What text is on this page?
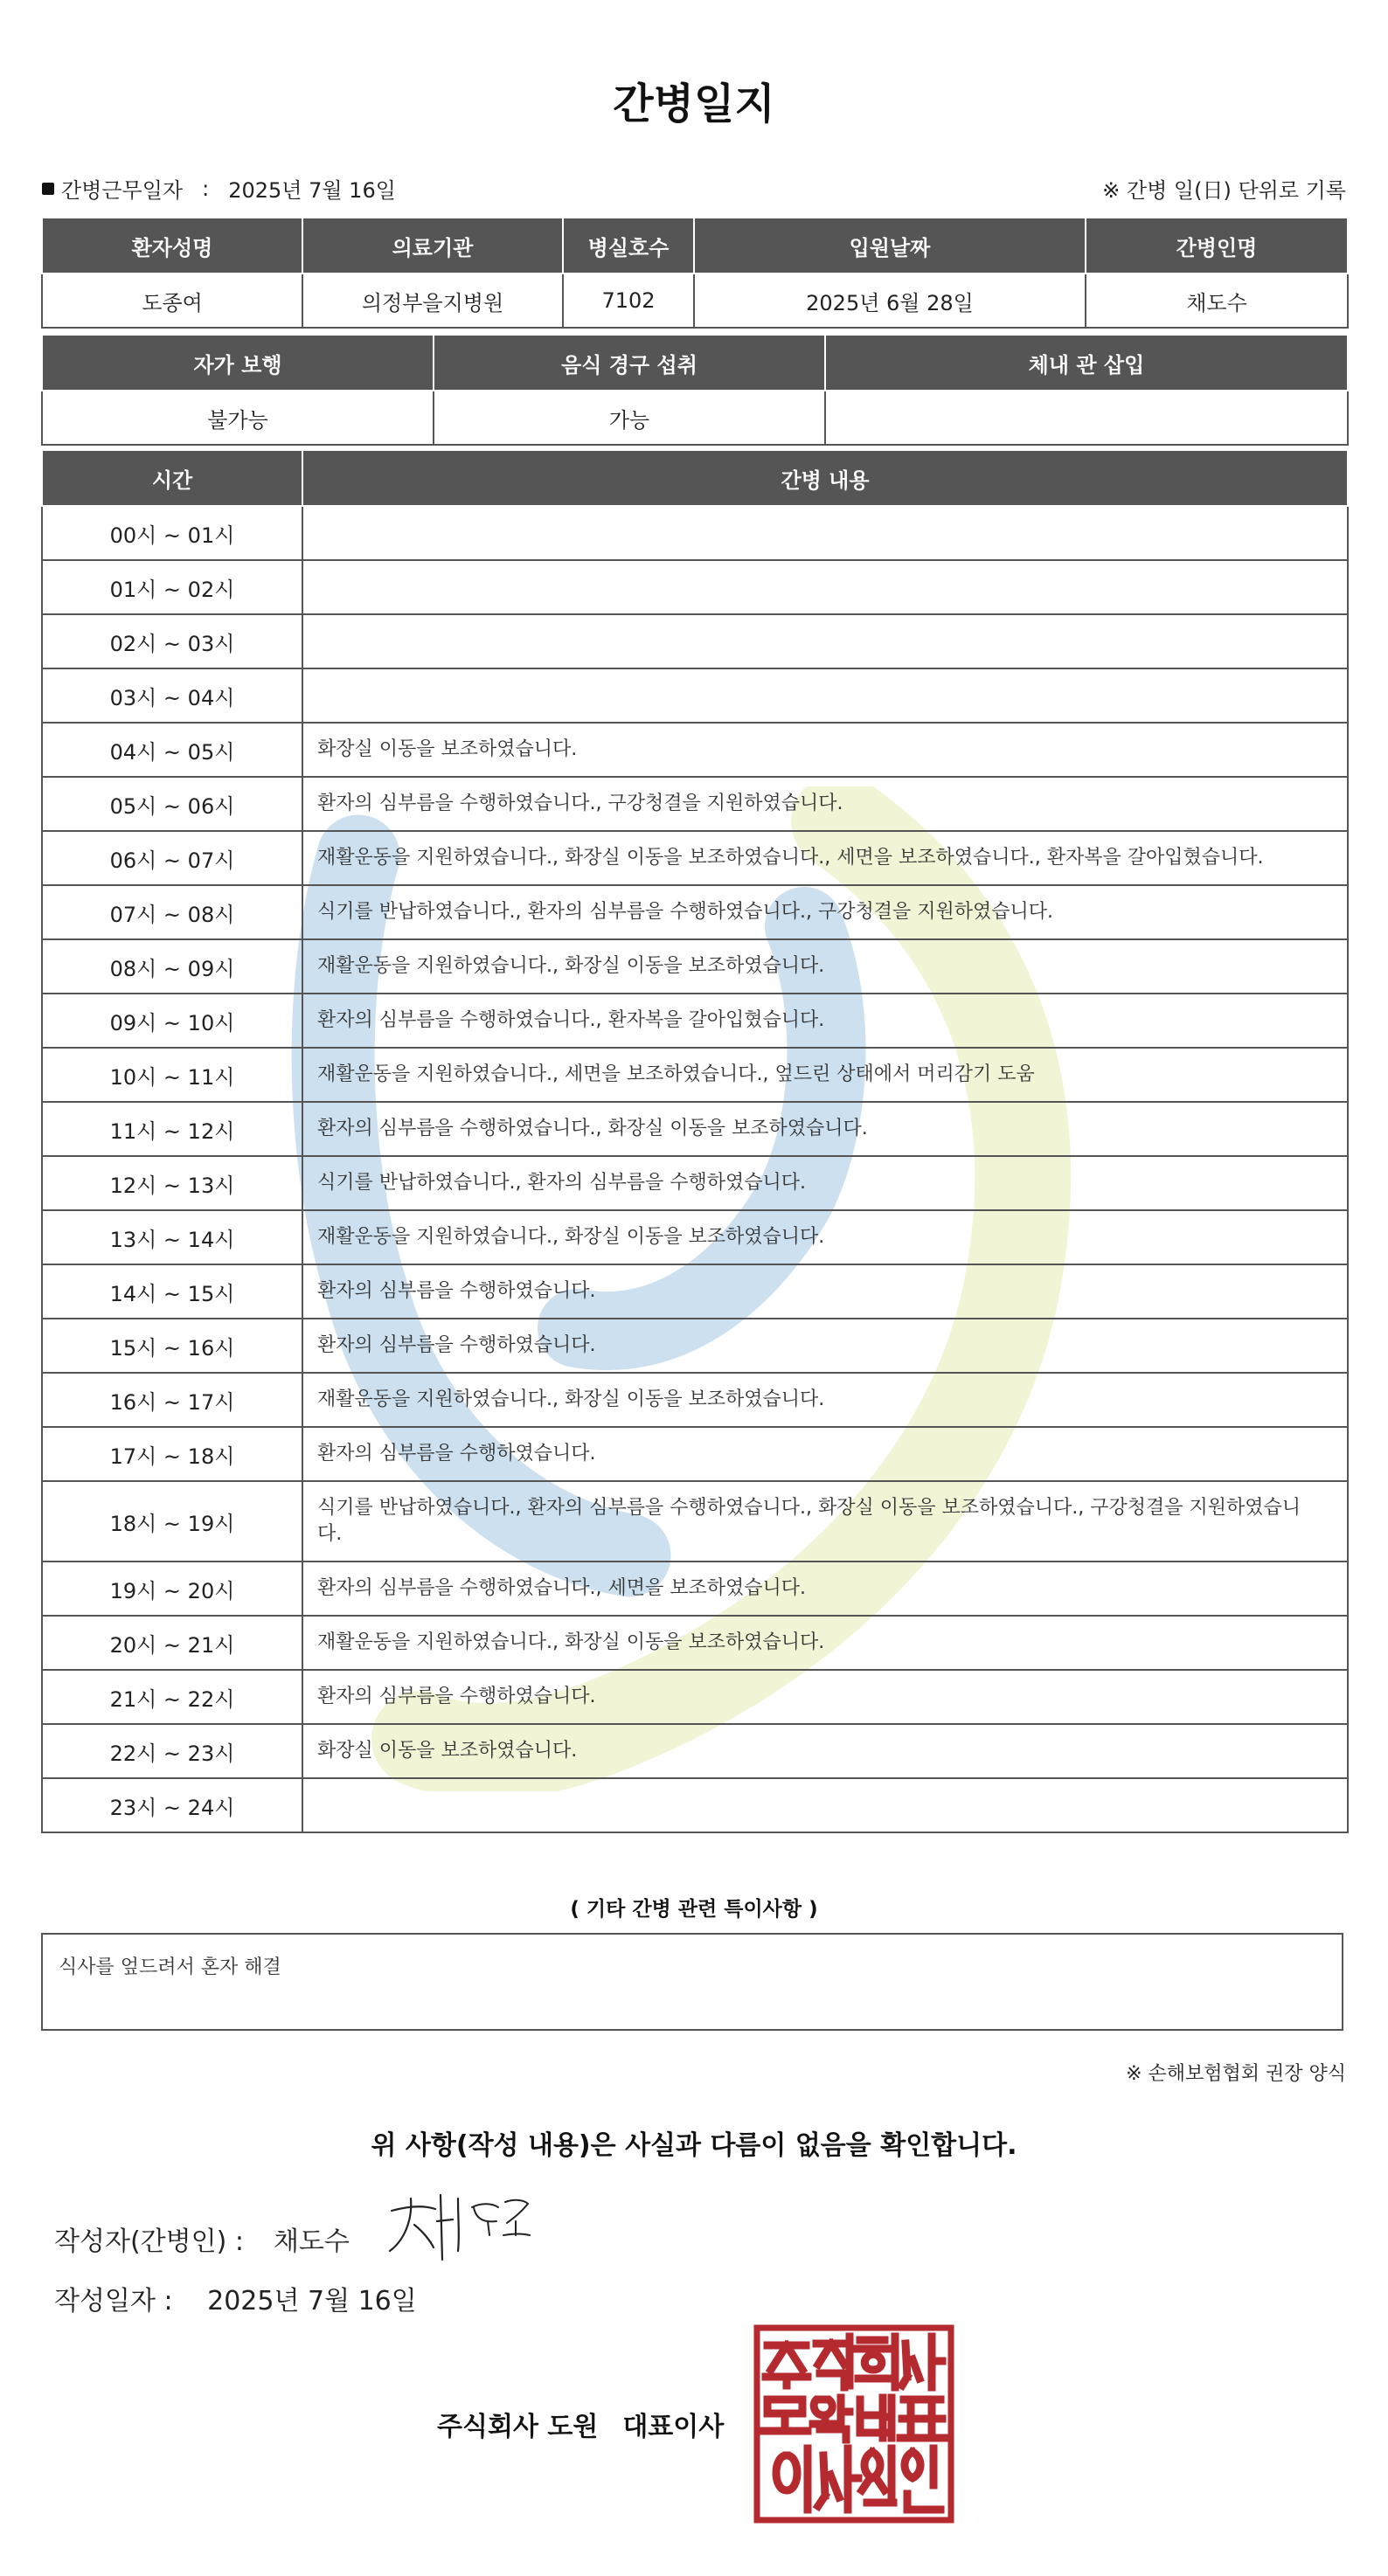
간병일지
간병근무일자 : 2025년 7월 16일	※ 간병 일(日) 단위로 기록
환자성명	의료기관	병실호수	입원날짜	간병인명
도종여	의정부을지병원	7102	2025년 6월 28일	채도수
자가 보행	음식 경구 섭취	체내 관 삽입
불가능	가능	
시간	간병 내용
00시 ~ 01시	
01시 ~ 02시	
02시 ~ 03시	
03시 ~ 04시	
04시 ~ 05시	화장실 이동을 보조하였습니다.
05시 ~ 06시	환자의 심부름을 수행하였습니다., 구강청결을 지원하였습니다.
06시 ~ 07시	재활운동을 지원하였습니다., 화장실 이동을 보조하였습니다., 세면을 보조하였습니다., 환자복을 갈아입혔습니다.
07시 ~ 08시	식기를 반납하였습니다., 환자의 심부름을 수행하였습니다., 구강청결을 지원하였습니다.
08시 ~ 09시	재활운동을 지원하였습니다., 화장실 이동을 보조하였습니다.
09시 ~ 10시	환자의 심부름을 수행하였습니다., 환자복을 갈아입혔습니다.
10시 ~ 11시	재활운동을 지원하였습니다., 세면을 보조하였습니다., 엎드린 상태에서 머리감기 도움
11시 ~ 12시	환자의 심부름을 수행하였습니다., 화장실 이동을 보조하였습니다.
12시 ~ 13시	식기를 반납하였습니다., 환자의 심부름을 수행하였습니다.
13시 ~ 14시	재활운동을 지원하였습니다., 화장실 이동을 보조하였습니다.
14시 ~ 15시	환자의 심부름을 수행하였습니다.
15시 ~ 16시	환자의 심부름을 수행하였습니다.
16시 ~ 17시	재활운동을 지원하였습니다., 화장실 이동을 보조하였습니다.
17시 ~ 18시	환자의 심부름을 수행하였습니다.
18시 ~ 19시	식기를 반납하였습니다., 환자의 심부름을 수행하였습니다., 화장실 이동을 보조하였습니다., 구강청결을 지원하였습니다.
19시 ~ 20시	환자의 심부름을 수행하였습니다., 세면을 보조하였습니다.
20시 ~ 21시	재활운동을 지원하였습니다., 화장실 이동을 보조하였습니다.
21시 ~ 22시	환자의 심부름을 수행하였습니다.
22시 ~ 23시	화장실 이동을 보조하였습니다.
23시 ~ 24시	
( 기타 간병 관련 특이사항 )
식사를 엎드려서 혼자 해결
※ 손해보험협회 권장 양식
위 사항(작성 내용)은 사실과 다름이 없음을 확인합니다.
작성자(간병인) : 채도수
작성일자 : 2025년 7월 16일
주식회사 도원 대표이사
